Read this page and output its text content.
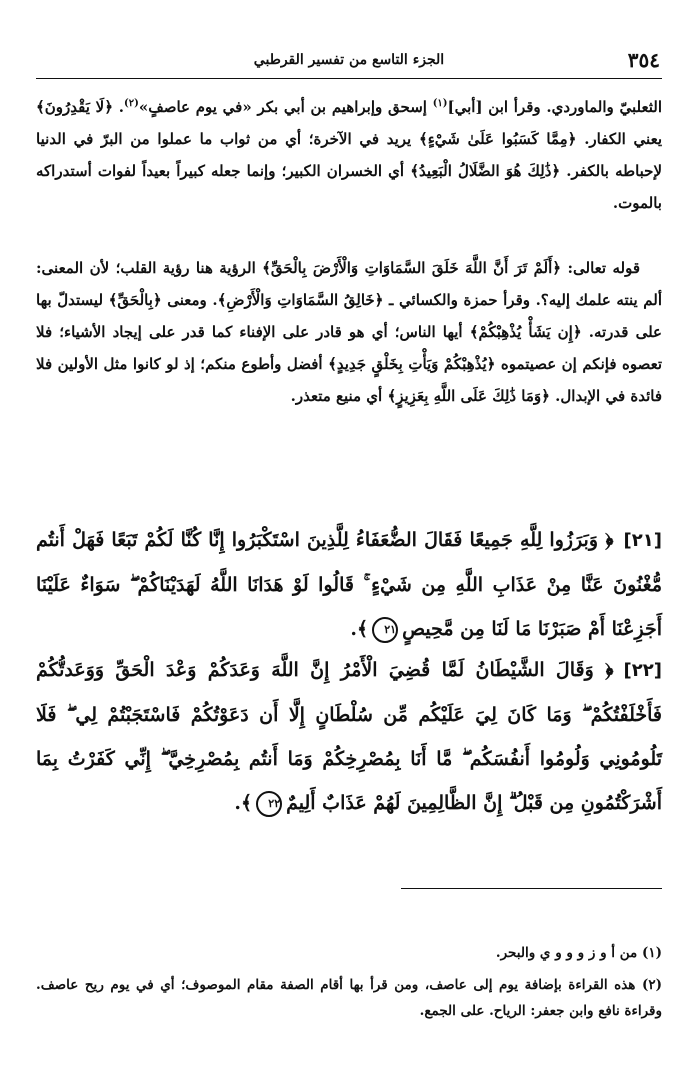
٣٥٤
الجزء التاسع من تفسير القرطبي

الثعلبيّ والماوردي. وقرأ ابن [أبي]$^{(١)}$ إسحق وإبراهيم بن أبي بكر «في يوم عاصفٍ»$^{(٢)}$. ﴿لَا يَقْدِرُونَ﴾ يعني الكفار. ﴿مِمَّا كَسَبُوا عَلَىٰ شَيْءٍ﴾ يريد في الآخرة؛ أي من ثواب ما عملوا من البرّ في الدنيا لإحباطه بالكفر. ﴿ذَٰلِكَ هُوَ الضَّلَالُ الْبَعِيدُ﴾ أي الخسران الكبير؛ وإنما جعله كبيراً بعيداً لفوات أستدراكه بالموت.

قوله تعالى: ﴿أَلَمْ تَرَ أَنَّ اللَّهَ خَلَقَ السَّمَاوَاتِ وَالْأَرْضَ بِالْحَقِّ﴾ الرؤية هنا رؤية القلب؛ لأن المعنى: ألم ينته علمك إليه؟. وقرأ حمزة والكسائي ـ ﴿خَالِقُ السَّمَاوَاتِ وَالْأَرْضِ﴾. ومعنى ﴿بِالْحَقِّ﴾ ليستدلّ بها على قدرته. ﴿إِن يَشَأْ يُذْهِبْكُمْ﴾ أيها الناس؛ أي هو قادر على الإفناء كما قدر على إيجاد الأشياء؛ فلا تعصوه فإنكم إن عصيتموه ﴿يُذْهِبْكُمْ وَيَأْتِ بِخَلْقٍ جَدِيدٍ﴾ أفضل وأطوع منكم؛ إذ لو كانوا مثل الأولين فلا فائدة في الإبدال. ﴿وَمَا ذَٰلِكَ عَلَى اللَّهِ بِعَزِيزٍ﴾ أي منيع متعذر.

[٢١]﴿ وَبَرَزُوا لِلَّهِ جَمِيعًا فَقَالَ الضُّعَفَاءُ لِلَّذِينَ اسْتَكْبَرُوا إِنَّا كُنَّا لَكُمْ تَبَعًا فَهَلْ أَنتُم مُّغْنُونَ عَنَّا مِنْ عَذَابِ اللَّهِ مِن شَيْءٍ ۚ قَالُوا لَوْ هَدَانَا اللَّهُ لَهَدَيْنَاكُمْ ۖ سَوَاءٌ عَلَيْنَا أَجَزِعْنَا أَمْ صَبَرْنَا مَا لَنَا مِن مَّحِيصٍ٢١﴾.
[٢٢]﴿ وَقَالَ الشَّيْطَانُ لَمَّا قُضِيَ الْأَمْرُ إِنَّ اللَّهَ وَعَدَكُمْ وَعْدَ الْحَقِّ وَوَعَدتُّكُمْ فَأَخْلَفْتُكُمْ ۖ وَمَا كَانَ لِيَ عَلَيْكُم مِّن سُلْطَانٍ إِلَّا أَن دَعَوْتُكُمْ فَاسْتَجَبْتُمْ لِي ۖ فَلَا تَلُومُونِي وَلُومُوا أَنفُسَكُم ۖ مَّا أَنَا بِمُصْرِخِكُمْ وَمَا أَنتُم بِمُصْرِخِيَّ ۖ إِنِّي كَفَرْتُ بِمَا أَشْرَكْتُمُونِ مِن قَبْلُ ۗ إِنَّ الظَّالِمِينَ لَهُمْ عَذَابٌ أَلِيمٌ٢٢﴾.

(١) من أ و ز و و و ي والبحر.

(٢) هذه القراءة بإضافة يوم إلى عاصف، ومن قرأ بها أقام الصفة مقام الموصوف؛ أي في يوم ريح عاصف. وقراءة نافع وابن جعفر: الرياح. على الجمع.
